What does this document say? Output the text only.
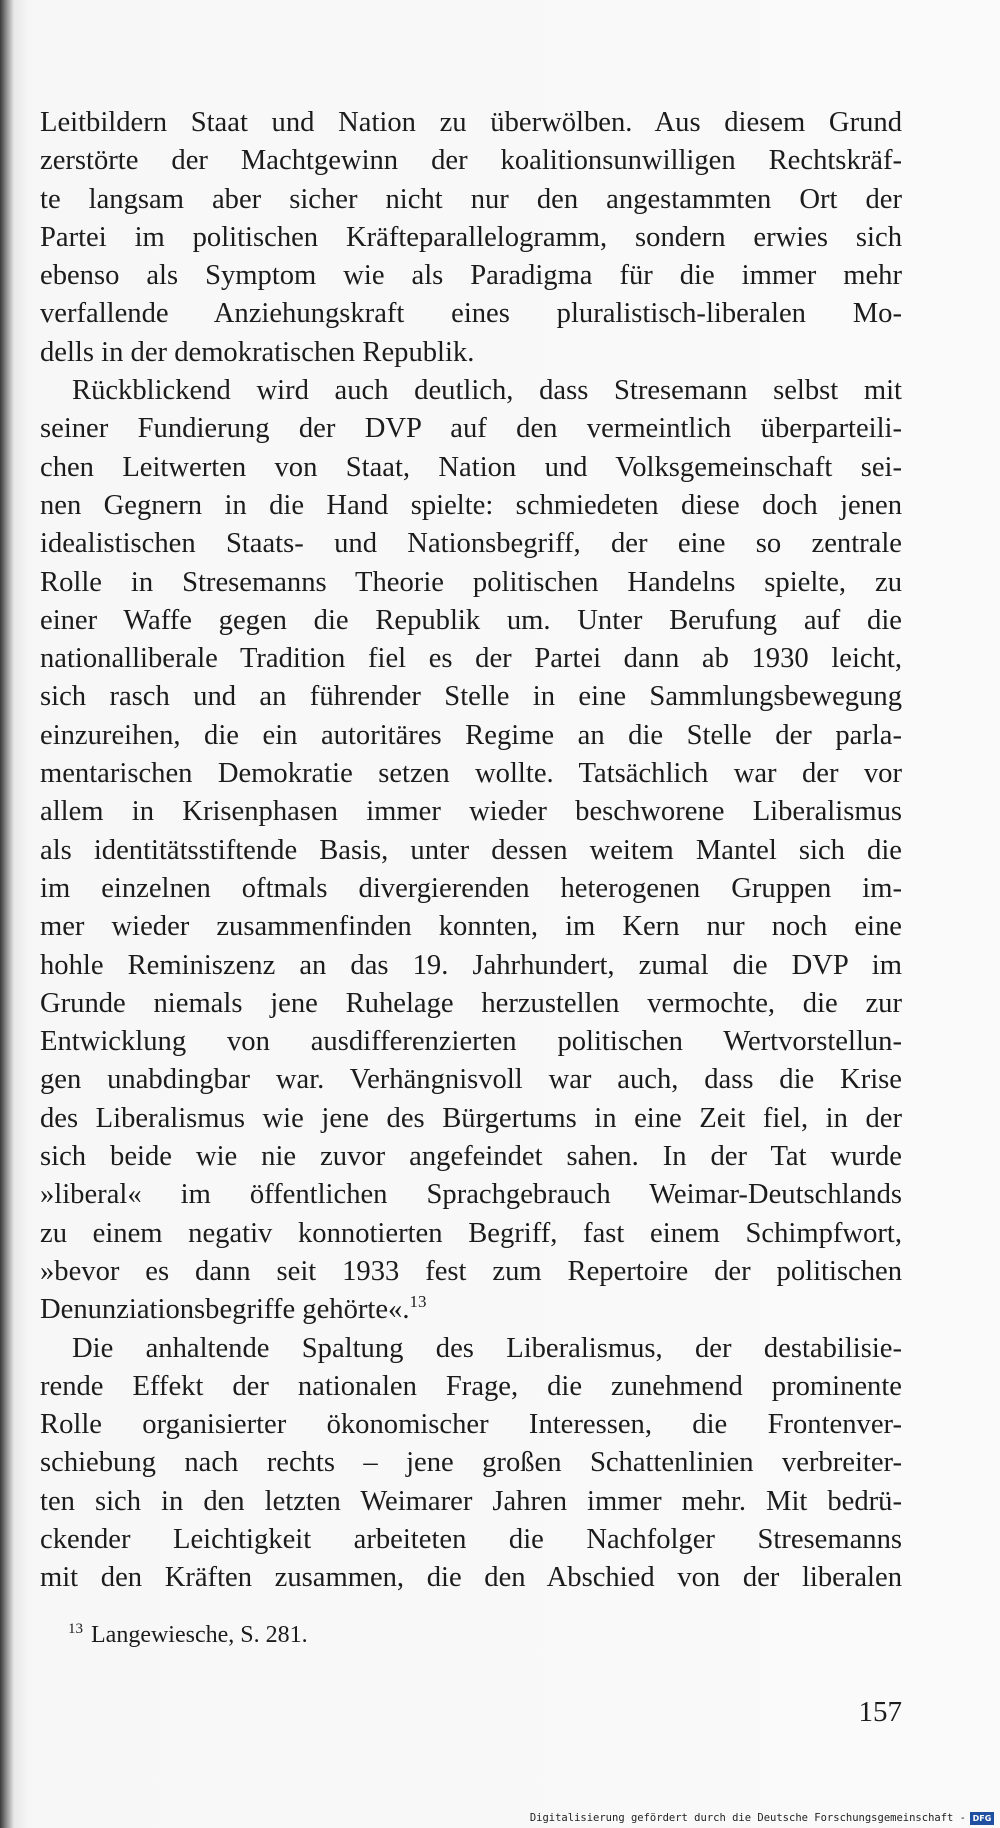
Leitbildern Staat und Nation zu überwölben. Aus diesem Grund
zerstörte der Machtgewinn der koalitionsunwilligen Rechtskräf-
te langsam aber sicher nicht nur den angestammten Ort der
Partei im politischen Kräfteparallelogramm, sondern erwies sich
ebenso als Symptom wie als Paradigma für die immer mehr
verfallende Anziehungskraft eines pluralistisch-liberalen Mo-
dells in der demokratischen Republik.
Rückblickend wird auch deutlich, dass Stresemann selbst mit
seiner Fundierung der DVP auf den vermeintlich überparteili-
chen Leitwerten von Staat, Nation und Volksgemeinschaft sei-
nen Gegnern in die Hand spielte: schmiedeten diese doch jenen
idealistischen Staats- und Nationsbegriff, der eine so zentrale
Rolle in Stresemanns Theorie politischen Handelns spielte, zu
einer Waffe gegen die Republik um. Unter Berufung auf die
nationalliberale Tradition fiel es der Partei dann ab 1930 leicht,
sich rasch und an führender Stelle in eine Sammlungsbewegung
einzureihen, die ein autoritäres Regime an die Stelle der parla-
mentarischen Demokratie setzen wollte. Tatsächlich war der vor
allem in Krisenphasen immer wieder beschworene Liberalismus
als identitätsstiftende Basis, unter dessen weitem Mantel sich die
im einzelnen oftmals divergierenden heterogenen Gruppen im-
mer wieder zusammenfinden konnten, im Kern nur noch eine
hohle Reminiszenz an das 19. Jahrhundert, zumal die DVP im
Grunde niemals jene Ruhelage herzustellen vermochte, die zur
Entwicklung von ausdifferenzierten politischen Wertvorstellun-
gen unabdingbar war. Verhängnisvoll war auch, dass die Krise
des Liberalismus wie jene des Bürgertums in eine Zeit fiel, in der
sich beide wie nie zuvor angefeindet sahen. In der Tat wurde
»liberal« im öffentlichen Sprachgebrauch Weimar-Deutschlands
zu einem negativ konnotierten Begriff, fast einem Schimpfwort,
»bevor es dann seit 1933 fest zum Repertoire der politischen
Denunziationsbegriffe gehörte«.$^{13}$
Die anhaltende Spaltung des Liberalismus, der destabilisie-
rende Effekt der nationalen Frage, die zunehmend prominente
Rolle organisierter ökonomischer Interessen, die Frontenver-
schiebung nach rechts – jene großen Schattenlinien verbreiter-
ten sich in den letzten Weimarer Jahren immer mehr. Mit bedrü-
ckender Leichtigkeit arbeiteten die Nachfolger Stresemanns
mit den Kräften zusammen, die den Abschied von der liberalen
$^{13}$ Langewiesche, S. 281.
157
Digitalisierung gefördert durch die Deutsche Forschungsgemeinschaft - DFG
